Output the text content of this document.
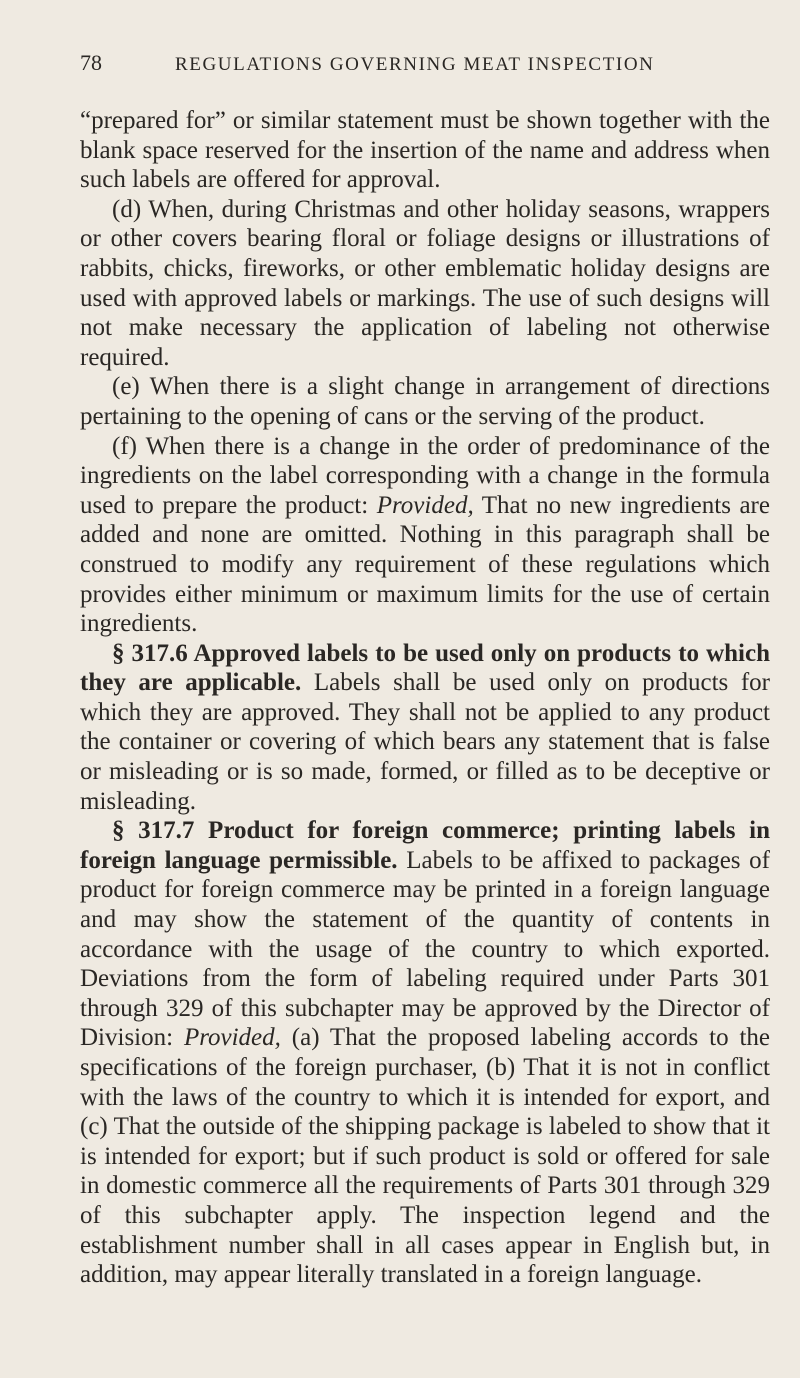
78	REGULATIONS GOVERNING MEAT INSPECTION

“prepared for” or similar statement must be shown together with the blank space reserved for the insertion of the name and address when such labels are offered for approval.

(d) When, during Christmas and other holiday seasons, wrappers or other covers bearing floral or foliage designs or illustrations of rabbits, chicks, fireworks, or other emblematic holiday designs are used with approved labels or markings. The use of such designs will not make necessary the application of labeling not otherwise required.

(e) When there is a slight change in arrangement of directions pertaining to the opening of cans or the serving of the product.

(f) When there is a change in the order of predominance of the ingredients on the label corresponding with a change in the formula used to prepare the product: Provided, That no new ingredients are added and none are omitted. Nothing in this paragraph shall be construed to modify any requirement of these regulations which provides either minimum or maximum limits for the use of certain ingredients.

§ 317.6 Approved labels to be used only on products to which they are applicable. Labels shall be used only on products for which they are approved. They shall not be applied to any product the container or covering of which bears any statement that is false or misleading or is so made, formed, or filled as to be deceptive or misleading.

§ 317.7 Product for foreign commerce; printing labels in foreign language permissible. Labels to be affixed to packages of product for foreign commerce may be printed in a foreign language and may show the statement of the quantity of contents in accordance with the usage of the country to which exported. Deviations from the form of labeling required under Parts 301 through 329 of this subchapter may be approved by the Director of Division: Provided, (a) That the proposed labeling accords to the specifications of the foreign purchaser, (b) That it is not in conflict with the laws of the country to which it is intended for export, and (c) That the outside of the shipping package is labeled to show that it is intended for export; but if such product is sold or offered for sale in domestic commerce all the requirements of Parts 301 through 329 of this subchapter apply. The inspection legend and the establishment number shall in all cases appear in English but, in addition, may appear literally translated in a foreign language.
